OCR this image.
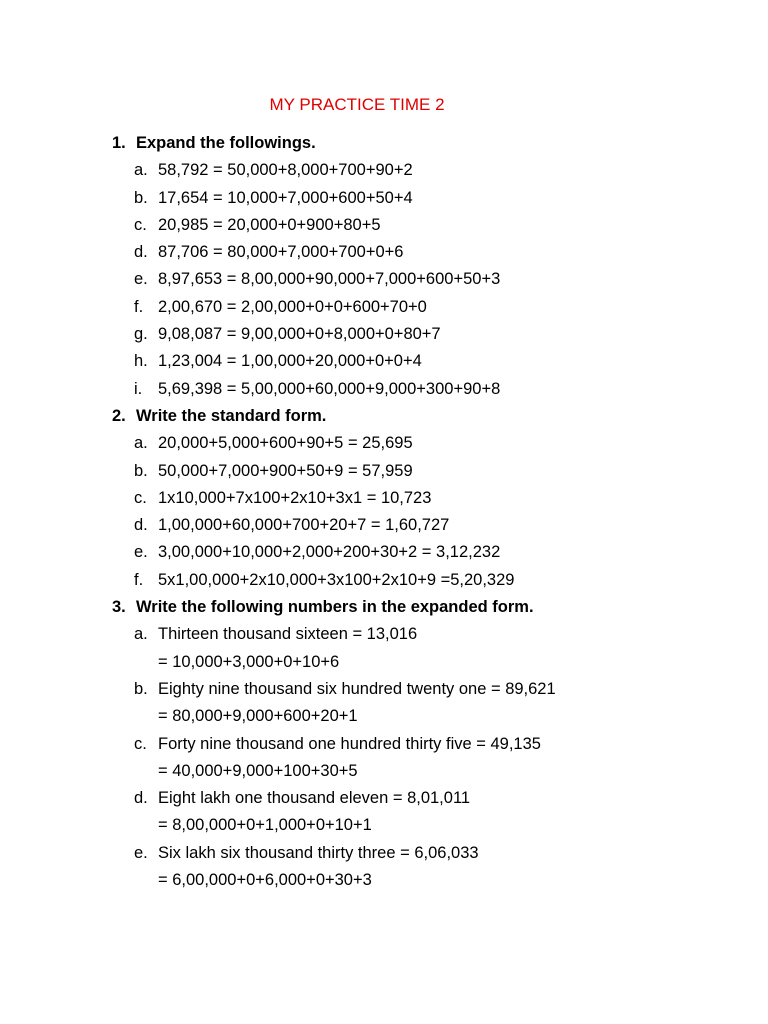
MY PRACTICE TIME 2
1. Expand the followings.
a. 58,792 = 50,000+8,000+700+90+2
b. 17,654 = 10,000+7,000+600+50+4
c. 20,985 = 20,000+0+900+80+5
d. 87,706 = 80,000+7,000+700+0+6
e. 8,97,653 = 8,00,000+90,000+7,000+600+50+3
f. 2,00,670 = 2,00,000+0+0+600+70+0
g. 9,08,087 = 9,00,000+0+8,000+0+80+7
h. 1,23,004 = 1,00,000+20,000+0+0+4
i. 5,69,398 = 5,00,000+60,000+9,000+300+90+8
2. Write the standard form.
a. 20,000+5,000+600+90+5 = 25,695
b. 50,000+7,000+900+50+9 = 57,959
c. 1x10,000+7x100+2x10+3x1 = 10,723
d. 1,00,000+60,000+700+20+7 = 1,60,727
e. 3,00,000+10,000+2,000+200+30+2 = 3,12,232
f. 5x1,00,000+2x10,000+3x100+2x10+9 =5,20,329
3. Write the following numbers in the expanded form.
a. Thirteen thousand sixteen = 13,016
= 10,000+3,000+0+10+6
b. Eighty nine thousand six hundred twenty one = 89,621
= 80,000+9,000+600+20+1
c. Forty nine thousand one hundred thirty five = 49,135
= 40,000+9,000+100+30+5
d. Eight lakh one thousand eleven = 8,01,011
= 8,00,000+0+1,000+0+10+1
e. Six lakh six thousand thirty three = 6,06,033
= 6,00,000+0+6,000+0+30+3
